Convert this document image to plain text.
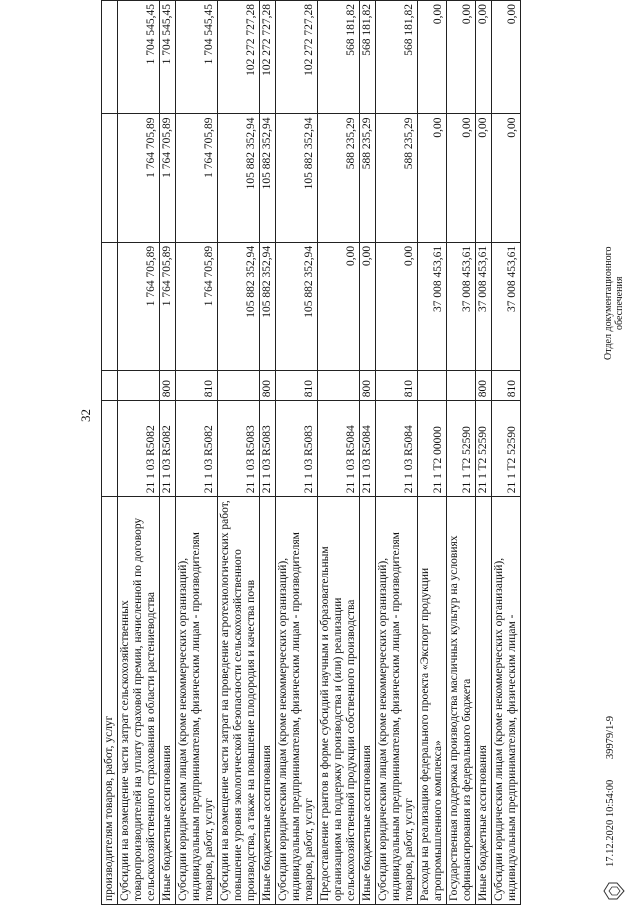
32
производителям товаров, работ, услуг					
Субсидии на возмещение части затрат сельскохозяйственных товаропроизводителей на уплату страховой премии, начисленной по договору сельскохозяйственного страхования в области растениеводства	21 1 03 R5082		1 764 705,89	1 764 705,89	1 704 545,45
Иные бюджетные ассигнования	21 1 03 R5082	800	1 764 705,89	1 764 705,89	1 704 545,45
Субсидии юридическим лицам (кроме некоммерческих организаций), индивидуальным предпринимателям, физическим лицам - производителям товаров, работ, услуг	21 1 03 R5082	810	1 764 705,89	1 764 705,89	1 704 545,45
Субсидии на возмещение части затрат на проведение агротехнологических работ, повышение уровня экологической безопасности сельскохозяйственного производства, а также на повышение плодородия и качества почв	21 1 03 R5083		105 882 352,94	105 882 352,94	102 272 727,28
Иные бюджетные ассигнования	21 1 03 R5083	800	105 882 352,94	105 882 352,94	102 272 727,28
Субсидии юридическим лицам (кроме некоммерческих организаций), индивидуальным предпринимателям, физическим лицам - производителям товаров, работ, услуг	21 1 03 R5083	810	105 882 352,94	105 882 352,94	102 272 727,28
Предоставление грантов в форме субсидий научным и образовательным организациям на поддержку производства и (или) реализации сельскохозяйственной продукции собственного производства	21 1 03 R5084		0,00	588 235,29	568 181,82
Иные бюджетные ассигнования	21 1 03 R5084	800	0,00	588 235,29	568 181,82
Субсидии юридическим лицам (кроме некоммерческих организаций), индивидуальным предпринимателям, физическим лицам - производителям товаров, работ, услуг	21 1 03 R5084	810	0,00	588 235,29	568 181,82
Расходы на реализацию федерального проекта «Экспорт продукции агропромышленного комплекса»	21 1 T2 00000		37 008 453,61	0,00	0,00
Государственная поддержка производства масличных культур на условиях софинансирования из федерального бюджета	21 1 T2 52590		37 008 453,61	0,00	0,00
Иные бюджетные ассигнования	21 1 T2 52590	800	37 008 453,61	0,00	0,00
Субсидии юридическим лицам (кроме некоммерческих организаций), индивидуальным предпринимателям, физическим лицам -	21 1 T2 52590	810	37 008 453,61	0,00	0,00
17.12.2020 10:54:00 39979/1-9
Отдел документационного обеспечения
